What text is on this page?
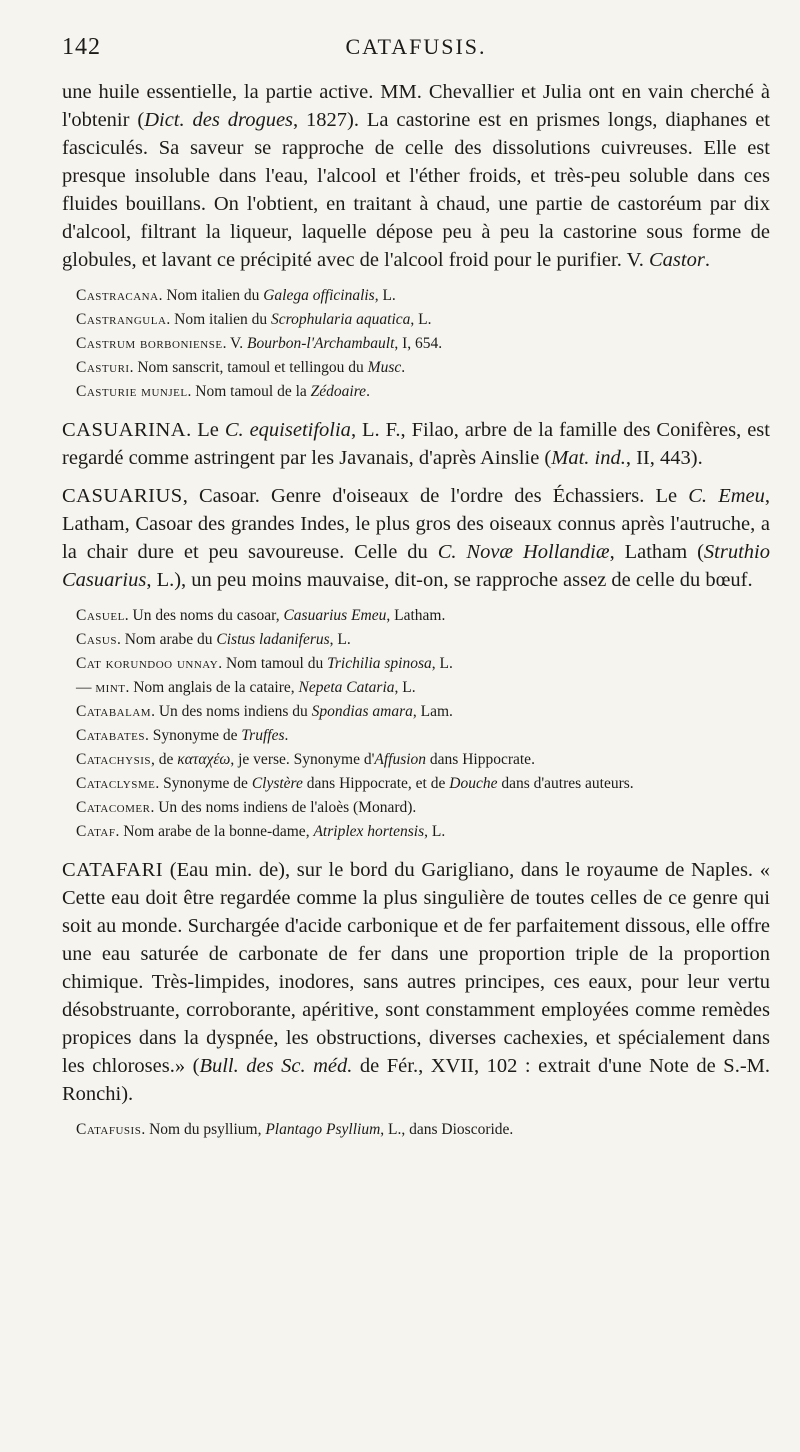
142	CATAFUSIS.

une huile essentielle, la partie active. MM. Chevallier et Julia ont en vain cherché à l'obtenir (Dict. des drogues, 1827). La castorine est en prismes longs, diaphanes et fasciculés. Sa saveur se rapproche de celle des dissolutions cuivreuses. Elle est presque insoluble dans l'eau, l'alcool et l'éther froids, et très-peu soluble dans ces fluides bouillans. On l'obtient, en traitant à chaud, une partie de castoréum par dix d'alcool, filtrant la liqueur, laquelle dépose peu à peu la castorine sous forme de globules, et lavant ce précipité avec de l'alcool froid pour le purifier. V. Castor.

Castracana. Nom italien du Galega officinalis, L.
Castrangula. Nom italien du Scrophularia aquatica, L.
Castrum borboniense. V. Bourbon-l'Archambault, I, 654.
Casturi. Nom sanscrit, tamoul et tellingou du Musc.
Casturie munjel. Nom tamoul de la Zédoaire.

CASUARINA. Le C. equisetifolia, L. F., Filao, arbre de la famille des Conifères, est regardé comme astringent par les Javanais, d'après Ainslie (Mat. ind., II, 443).

CASUARIUS, Casoar. Genre d'oiseaux de l'ordre des Échassiers. Le C. Emeu, Latham, Casoar des grandes Indes, le plus gros des oiseaux connus après l'autruche, a la chair dure et peu savoureuse. Celle du C. Novæ Hollandiæ, Latham (Struthio Casuarius, L.), un peu moins mauvaise, dit-on, se rapproche assez de celle du bœuf.

Casuel. Un des noms du casoar, Casuarius Emeu, Latham.
Casus. Nom arabe du Cistus ladaniferus, L.
Cat korundoo unnay. Nom tamoul du Trichilia spinosa, L.
— mint. Nom anglais de la cataire, Nepeta Cataria, L.
Catabalam. Un des noms indiens du Spondias amara, Lam.
Catabates. Synonyme de Truffes.
Catachysis, de καταχέω, je verse. Synonyme d'Affusion dans Hippocrate.
Cataclysme. Synonyme de Clystère dans Hippocrate, et de Douche dans d'autres auteurs.
Catacomer. Un des noms indiens de l'aloès (Monard).
Cataf. Nom arabe de la bonne-dame, Atriplex hortensis, L.

CATAFARI (Eau min. de), sur le bord du Garigliano, dans le royaume de Naples. « Cette eau doit être regardée comme la plus singulière de toutes celles de ce genre qui soit au monde. Surchargée d'acide carbonique et de fer parfaitement dissous, elle offre une eau saturée de carbonate de fer dans une proportion triple de la proportion chimique. Très-limpides, inodores, sans autres principes, ces eaux, pour leur vertu désobstruante, corroborante, apéritive, sont constamment employées comme remèdes propices dans la dyspnée, les obstructions, diverses cachexies, et spécialement dans les chloroses.» (Bull. des Sc. méd. de Fér., XVII, 102 : extrait d'une Note de S.-M. Ronchi).

Catafusis. Nom du psyllium, Plantago Psyllium, L., dans Dioscoride.
